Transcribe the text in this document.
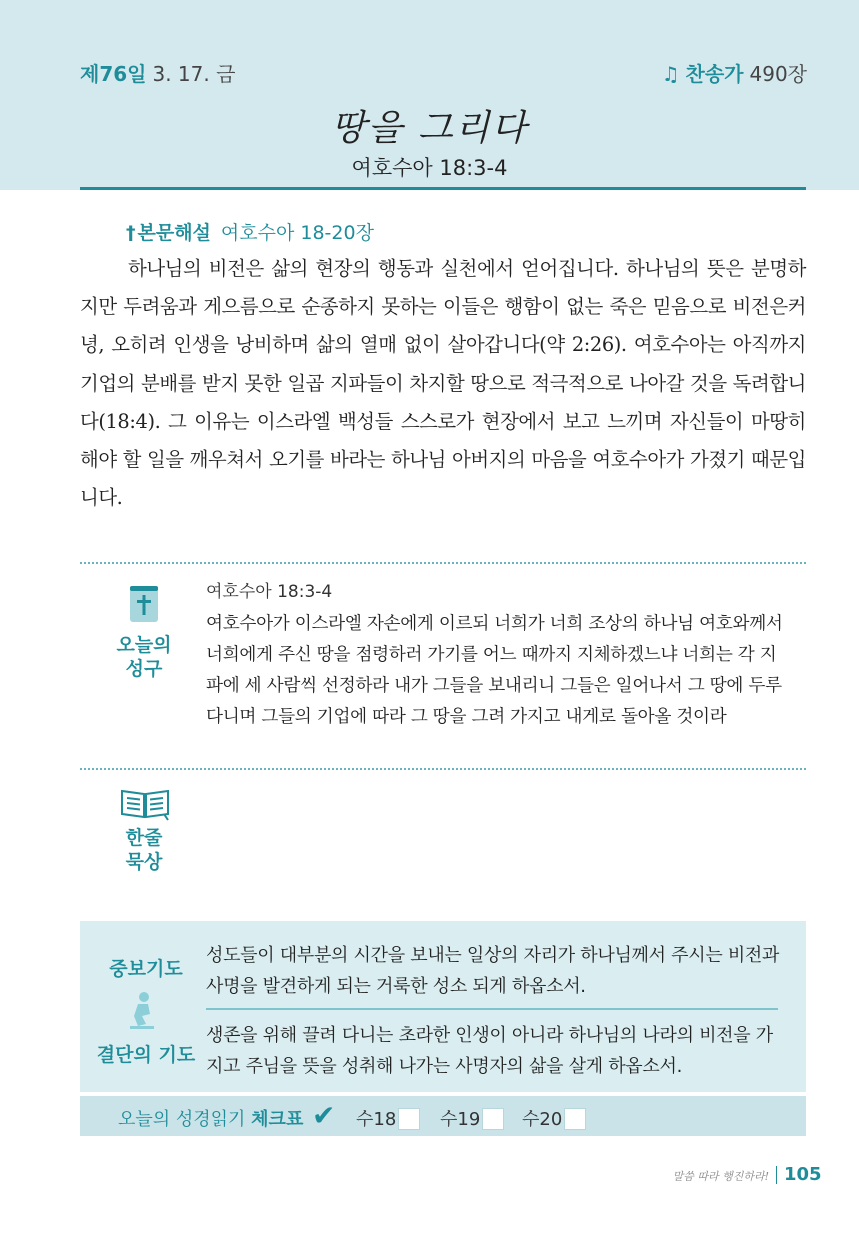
제76일 3. 17. 금	♫ 찬송가 490장
땅을 그리다
여호수아 18:3-4
† 본문해설 여호수아 18-20장
하나님의 비전은 삶의 현장의 행동과 실천에서 얻어집니다. 하나님의 뜻은 분명하지만 두려움과 게으름으로 순종하지 못하는 이들은 행함이 없는 죽은 믿음으로 비전은커녕, 오히려 인생을 낭비하며 삶의 열매 없이 살아갑니다(약 2:26). 여호수아는 아직까지 기업의 분배를 받지 못한 일곱 지파들이 차지할 땅으로 적극적으로 나아갈 것을 독려합니다(18:4). 그 이유는 이스라엘 백성들 스스로가 현장에서 보고 느끼며 자신들이 마땅히 해야 할 일을 깨우쳐서 오기를 바라는 하나님 아버지의 마음을 여호수아가 가졌기 때문입니다.
오늘의
성구
여호수아 18:3-4
여호수아가 이스라엘 자손에게 이르되 너희가 너희 조상의 하나님 여호와께서 너희에게 주신 땅을 점령하러 가기를 어느 때까지 지체하겠느냐 너희는 각 지파에 세 사람씩 선정하라 내가 그들을 보내리니 그들은 일어나서 그 땅에 두루 다니며 그들의 기업에 따라 그 땅을 그려 가지고 내게로 돌아올 것이라
한줄
묵상
중보기도
결단의 기도
성도들이 대부분의 시간을 보내는 일상의 자리가 하나님께서 주시는 비전과 사명을 발견하게 되는 거룩한 성소 되게 하옵소서.
생존을 위해 끌려 다니는 초라한 인생이 아니라 하나님의 나라의 비전을 가지고 주님을 뜻을 성취해 나가는 사명자의 삶을 살게 하옵소서.
오늘의 성경읽기 체크표 ✔ 수18	수19	수20
말씀 따라 행진하라! 105
